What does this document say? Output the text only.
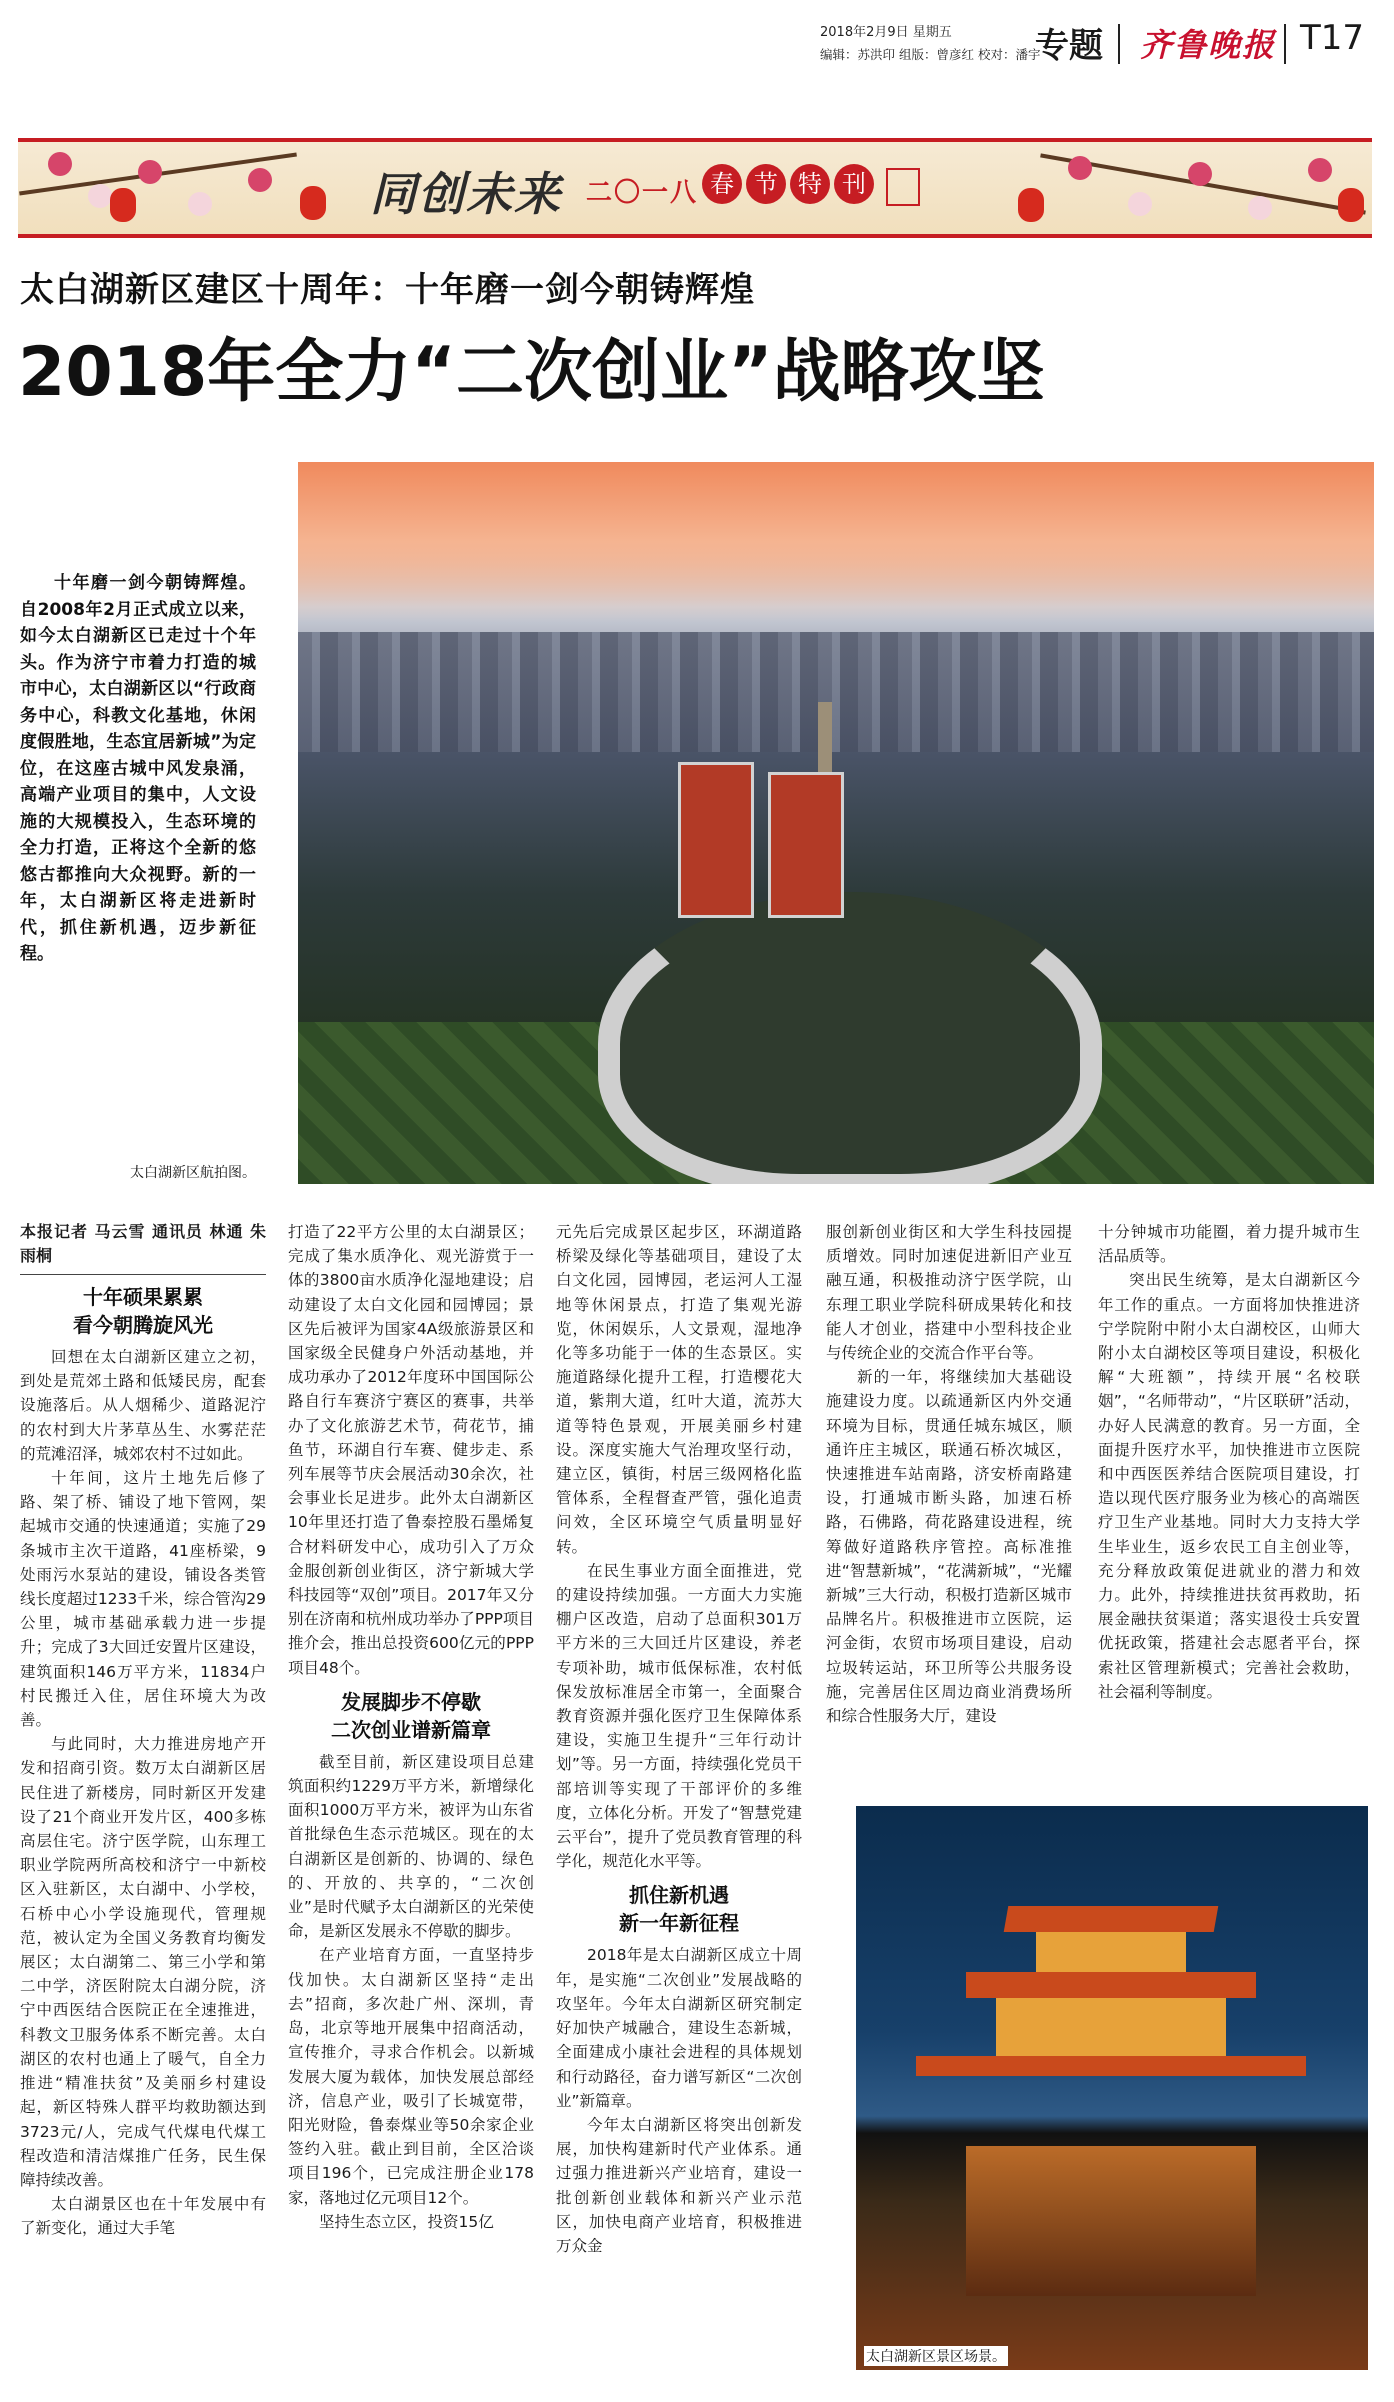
2018年2月9日 星期五
编辑：苏洪印 组版：曾彦红 校对：潘宇
专题 齐鲁晚报 T17
同创未来 二〇一八 春 节 特 刊
太白湖新区建区十周年：十年磨一剑今朝铸辉煌
2018年全力“二次创业”战略攻坚

十年磨一剑今朝铸辉煌。自2008年2月正式成立以来，如今太白湖新区已走过十个年头。作为济宁市着力打造的城市中心，太白湖新区以“行政商务中心，科教文化基地，休闲度假胜地，生态宜居新城”为定位，在这座古城中风发泉涌，高端产业项目的集中，人文设施的大规模投入，生态环境的全力打造，正将这个全新的悠悠古都推向大众视野。新的一年，太白湖新区将走进新时代，抓住新机遇，迈步新征程。

太白湖新区航拍图。
太白湖新区景区场景。
本报记者 马云雪 通讯员 林通 朱雨桐
十年硕果累累
看今朝腾旋风光

回想在太白湖新区建立之初，到处是荒郊土路和低矮民房，配套设施落后。从人烟稀少、道路泥泞的农村到大片茅草丛生、水雾茫茫的荒滩沼泽，城郊农村不过如此。

十年间，这片土地先后修了路、架了桥、铺设了地下管网，架起城市交通的快速通道；实施了29条城市主次干道路，41座桥梁，9处雨污水泵站的建设，铺设各类管线长度超过1233千米，综合管沟29公里，城市基础承载力进一步提升；完成了3大回迁安置片区建设，建筑面积146万平方米，11834户村民搬迁入住，居住环境大为改善。

与此同时，大力推进房地产开发和招商引资。数万太白湖新区居民住进了新楼房，同时新区开发建设了21个商业开发片区，400多栋高层住宅。济宁医学院，山东理工职业学院两所高校和济宁一中新校区入驻新区，太白湖中、小学校，石桥中心小学设施现代，管理规范，被认定为全国义务教育均衡发展区；太白湖第二、第三小学和第二中学，济医附院太白湖分院，济宁中西医结合医院正在全速推进，科教文卫服务体系不断完善。太白湖区的农村也通上了暖气，自全力推进“精准扶贫”及美丽乡村建设起，新区特殊人群平均救助额达到3723元/人，完成气代煤电代煤工程改造和清洁煤推广任务，民生保障持续改善。

太白湖景区也在十年发展中有了新变化，通过大手笔

打造了22平方公里的太白湖景区；完成了集水质净化、观光游赏于一体的3800亩水质净化湿地建设；启动建设了太白文化园和园博园；景区先后被评为国家4A级旅游景区和国家级全民健身户外活动基地，并成功承办了2012年度环中国国际公路自行车赛济宁赛区的赛事，共举办了文化旅游艺术节，荷花节，捕鱼节，环湖自行车赛、健步走、系列车展等节庆会展活动30余次，社会事业长足进步。此外太白湖新区10年里还打造了鲁泰控股石墨烯复合材料研发中心，成功引入了万众金服创新创业街区，济宁新城大学科技园等“双创”项目。2017年又分别在济南和杭州成功举办了PPP项目推介会，推出总投资600亿元的PPP项目48个。

发展脚步不停歇
二次创业谱新篇章

截至目前，新区建设项目总建筑面积约1229万平方米，新增绿化面积1000万平方米，被评为山东省首批绿色生态示范城区。现在的太白湖新区是创新的、协调的、绿色的、开放的、共享的，“二次创业”是时代赋予太白湖新区的光荣使命，是新区发展永不停歇的脚步。

在产业培育方面，一直坚持步伐加快。太白湖新区坚持“走出去”招商，多次赴广州、深圳，青岛，北京等地开展集中招商活动，宣传推介，寻求合作机会。以新城发展大厦为载体，加快发展总部经济，信息产业，吸引了长城宽带，阳光财险，鲁泰煤业等50余家企业签约入驻。截止到目前，全区洽谈项目196个，已完成注册企业178家，落地过亿元项目12个。

坚持生态立区，投资15亿

元先后完成景区起步区，环湖道路桥梁及绿化等基础项目，建设了太白文化园，园博园，老运河人工湿地等休闲景点，打造了集观光游览，休闲娱乐，人文景观，湿地净化等多功能于一体的生态景区。实施道路绿化提升工程，打造樱花大道，紫荆大道，红叶大道，流苏大道等特色景观，开展美丽乡村建设。深度实施大气治理攻坚行动，建立区，镇街，村居三级网格化监管体系，全程督查严管，强化追责问效，全区环境空气质量明显好转。

在民生事业方面全面推进，党的建设持续加强。一方面大力实施棚户区改造，启动了总面积301万平方米的三大回迁片区建设，养老专项补助，城市低保标准，农村低保发放标准居全市第一，全面聚合教育资源并强化医疗卫生保障体系建设，实施卫生提升“三年行动计划”等。另一方面，持续强化党员干部培训等实现了干部评价的多维度，立体化分析。开发了“智慧党建云平台”，提升了党员教育管理的科学化，规范化水平等。

抓住新机遇
新一年新征程

2018年是太白湖新区成立十周年，是实施“二次创业”发展战略的攻坚年。今年太白湖新区研究制定好加快产城融合，建设生态新城，全面建成小康社会进程的具体规划和行动路径，奋力谱写新区“二次创业”新篇章。

今年太白湖新区将突出创新发展，加快构建新时代产业体系。通过强力推进新兴产业培育，建设一批创新创业载体和新兴产业示范区，加快电商产业培育，积极推进万众金

服创新创业街区和大学生科技园提质增效。同时加速促进新旧产业互融互通，积极推动济宁医学院，山东理工职业学院科研成果转化和技能人才创业，搭建中小型科技企业与传统企业的交流合作平台等。

新的一年，将继续加大基础设施建设力度。以疏通新区内外交通环境为目标，贯通任城东城区，顺通许庄主城区，联通石桥次城区，快速推进车站南路，济安桥南路建设，打通城市断头路，加速石桥路，石佛路，荷花路建设进程，统筹做好道路秩序管控。高标准推进“智慧新城”，“花满新城”，“光耀新城”三大行动，积极打造新区城市品牌名片。积极推进市立医院，运河金街，农贸市场项目建设，启动垃圾转运站，环卫所等公共服务设施，完善居住区周边商业消费场所和综合性服务大厅，建设

十分钟城市功能圈，着力提升城市生活品质等。

突出民生统筹，是太白湖新区今年工作的重点。一方面将加快推进济宁学院附中附小太白湖校区，山师大附小太白湖校区等项目建设，积极化解“大班额”，持续开展“名校联姻”，“名师带动”，“片区联研”活动，办好人民满意的教育。另一方面，全面提升医疗水平，加快推进市立医院和中西医医养结合医院项目建设，打造以现代医疗服务业为核心的高端医疗卫生产业基地。同时大力支持大学生毕业生，返乡农民工自主创业等，充分释放政策促进就业的潜力和效力。此外，持续推进扶贫再救助，拓展金融扶贫渠道；落实退役士兵安置优抚政策，搭建社会志愿者平台，探索社区管理新模式；完善社会救助，社会福利等制度。
